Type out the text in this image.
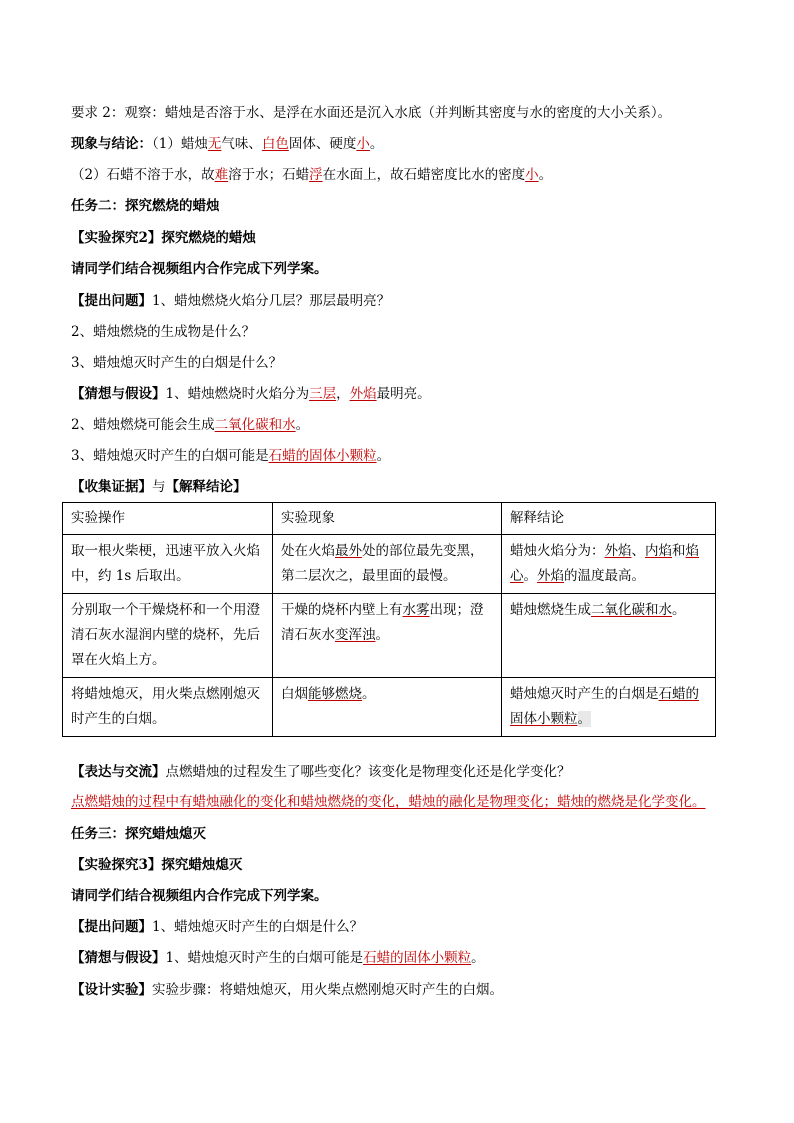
要求 2：观察：蜡烛是否溶于水、是浮在水面还是沉入水底（并判断其密度与水的密度的大小关系）。
现象与结论：（1）蜡烛无气味、白色固体、硬度小。
（2）石蜡不溶于水，故难溶于水；石蜡浮在水面上，故石蜡密度比水的密度小。
任务二：探究燃烧的蜡烛
【实验探究2】探究燃烧的蜡烛
请同学们结合视频组内合作完成下列学案。
【提出问题】1、蜡烛燃烧火焰分几层？那层最明亮？
2、蜡烛燃烧的生成物是什么？
3、蜡烛熄灭时产生的白烟是什么？
【猜想与假设】1、蜡烛燃烧时火焰分为三层，外焰最明亮。
2、蜡烛燃烧可能会生成二氧化碳和水。
3、蜡烛熄灭时产生的白烟可能是石蜡的固体小颗粒。
【收集证据】与【解释结论】
实验操作	实验现象	解释结论
取一根火柴梗，迅速平放入火焰中，约 1s 后取出。	处在火焰最外处的部位最先变黑，第二层次之，最里面的最慢。	蜡烛火焰分为：外焰、内焰和焰心。外焰的温度最高。
分别取一个干燥烧杯和一个用澄清石灰水湿润内壁的烧杯，先后罩在火焰上方。	干燥的烧杯内壁上有水雾出现；澄清石灰水变浑浊。	蜡烛燃烧生成二氧化碳和水。
将蜡烛熄灭，用火柴点燃刚熄灭时产生的白烟。	白烟能够燃烧。	蜡烛熄灭时产生的白烟是石蜡的固体小颗粒。
【表达与交流】点燃蜡烛的过程发生了哪些变化？该变化是物理变化还是化学变化？
点燃蜡烛的过程中有蜡烛融化的变化和蜡烛燃烧的变化，蜡烛的融化是物理变化；蜡烛的燃烧是化学变化。
任务三：探究蜡烛熄灭
【实验探究3】探究蜡烛熄灭
请同学们结合视频组内合作完成下列学案。
【提出问题】1、蜡烛熄灭时产生的白烟是什么？
【猜想与假设】1、蜡烛熄灭时产生的白烟可能是石蜡的固体小颗粒。
【设计实验】实验步骤：将蜡烛熄灭，用火柴点燃刚熄灭时产生的白烟。
